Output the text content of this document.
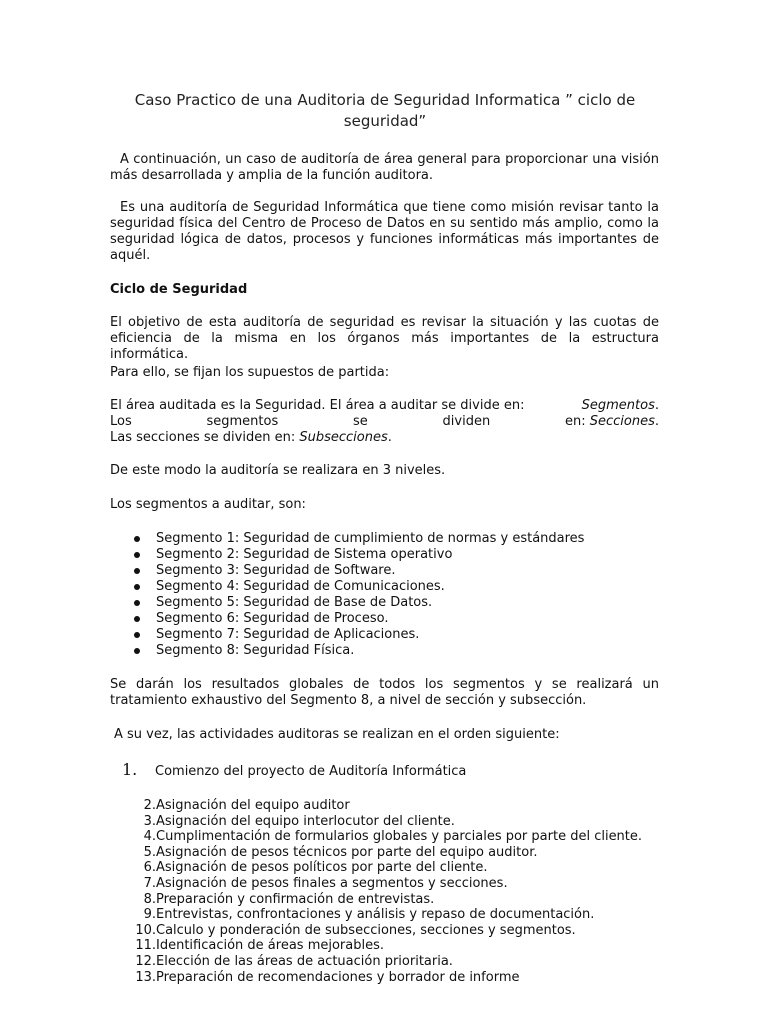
Caso Practico de una Auditoria de Seguridad Informatica ” ciclo de seguridad”
A continuación, un caso de auditoría de área general para proporcionar una visión más desarrollada y amplia de la función auditora.
Es una auditoría de Seguridad Informática que tiene como misión revisar tanto la seguridad física del Centro de Proceso de Datos en su sentido más amplio, como la seguridad lógica de datos, procesos y funciones informáticas más importantes de aquél.
Ciclo de Seguridad
El objetivo de esta auditoría de seguridad es revisar la situación y las cuotas de eficiencia de la misma en los órganos más importantes de la estructura informática.
Para ello, se fijan los supuestos de partida:
El área auditada es la Seguridad. El área a auditar se divide en:	Segmentos.
Los	segmentos	se	dividen	en: Secciones.
Las secciones se dividen en: Subsecciones.
De este modo la auditoría se realizara en 3 niveles.
Los segmentos a auditar, son:
Segmento 1: Seguridad de cumplimiento de normas y estándares
Segmento 2: Seguridad de Sistema operativo
Segmento 3: Seguridad de Software.
Segmento 4: Seguridad de Comunicaciones.
Segmento 5: Seguridad de Base de Datos.
Segmento 6: Seguridad de Proceso.
Segmento 7: Seguridad de Aplicaciones.
Segmento 8: Seguridad Física.
Se darán los resultados globales de todos los segmentos y se realizará un tratamiento exhaustivo del Segmento 8, a nivel de sección y subsección.
A su vez, las actividades auditoras se realizan en el orden siguiente:
1. Comienzo del proyecto de Auditoría Informática
2. Asignación del equipo auditor
3. Asignación del equipo interlocutor del cliente.
4. Cumplimentación de formularios globales y parciales por parte del cliente.
5. Asignación de pesos técnicos por parte del equipo auditor.
6. Asignación de pesos políticos por parte del cliente.
7. Asignación de pesos finales a segmentos y secciones.
8. Preparación y confirmación de entrevistas.
9. Entrevistas, confrontaciones y análisis y repaso de documentación.
10. Calculo y ponderación de subsecciones, secciones y segmentos.
11. Identificación de áreas mejorables.
12. Elección de las áreas de actuación prioritaria.
13. Preparación de recomendaciones y borrador de informe
